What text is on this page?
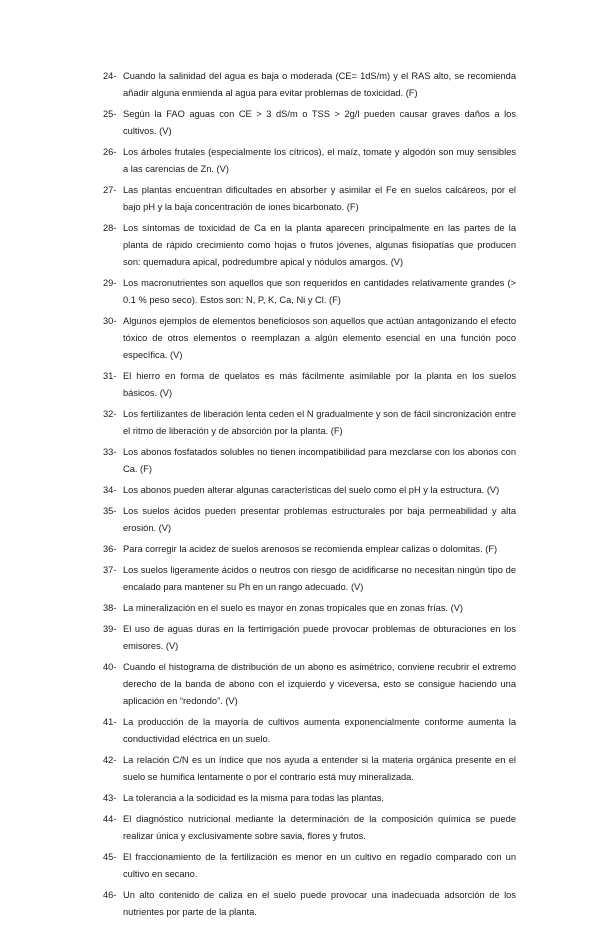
24- Cuando la salinidad del agua es baja o moderada (CE= 1dS/m) y el RAS alto, se recomienda añadir alguna enmienda al agua para evitar problemas de toxicidad. (F)
25- Según la FAO aguas con CE > 3 dS/m o TSS > 2g/l pueden causar graves daños a los cultivos. (V)
26- Los árboles frutales (especialmente los cítricos), el maíz, tomate y algodón son muy sensibles a las carencias de Zn. (V)
27- Las plantas encuentran dificultades en absorber y asimilar el Fe en suelos calcáreos, por el bajo pH y la baja concentración de iones bicarbonato. (F)
28- Los síntomas de toxicidad de Ca en la planta aparecen principalmente en las partes de la planta de rápido crecimiento como hojas o frutos jóvenes, algunas fisiopatías que producen son: quemadura apical, podredumbre apical y nódulos amargos. (V)
29- Los macronutrientes son aquellos que son requeridos en cantidades relativamente grandes (> 0.1 % peso seco). Estos son: N, P, K, Ca, Ni y Cl. (F)
30- Algunos ejemplos de elementos beneficiosos son aquellos que actúan antagonizando el efecto tóxico de otros elementos o reemplazan a algún elemento esencial en una función poco específica. (V)
31- El hierro en forma de quelatos es más fácilmente asimilable por la planta en los suelos básicos. (V)
32- Los fertilizantes de liberación lenta ceden el N gradualmente y son de fácil sincronización entre el ritmo de liberación y de absorción por la planta. (F)
33- Los abonos fosfatados solubles no tienen incompatibilidad para mezclarse con los abonos con Ca. (F)
34- Los abonos pueden alterar algunas características del suelo como el pH y la estructura. (V)
35- Los suelos ácidos pueden presentar problemas estructurales por baja permeabilidad y alta erosión. (V)
36- Para corregir la acidez de suelos arenosos se recomienda emplear calizas o dolomitas. (F)
37- Los suelos ligeramente ácidos o neutros con riesgo de acidificarse no necesitan ningún tipo de encalado para mantener su Ph en un rango adecuado. (V)
38- La mineralización en el suelo es mayor en zonas tropicales que en zonas frías. (V)
39- El uso de aguas duras en la fertirrigación puede provocar problemas de obturaciones en los emisores. (V)
40- Cuando el histograma de distribución de un abono es asimétrico, conviene recubrir el extremo derecho de la banda de abono con el izquierdo y viceversa, esto se consigue haciendo una aplicación en “redondo”. (V)
41- La producción de la mayoría de cultivos aumenta exponencialmente conforme aumenta la conductividad eléctrica en un suelo.
42- La relación C/N es un índice que nos ayuda a entender si la materia orgánica presente en el suelo se humifica lentamente o por el contrario está muy mineralizada.
43- La tolerancia a la sodicidad es la misma para todas las plantas.
44- El diagnóstico nutricional mediante la determinación de la composición química se puede realizar única y exclusivamente sobre savia, flores y frutos.
45- El fraccionamiento de la fertilización es menor en un cultivo en regadío comparado con un cultivo en secano.
46- Un alto contenido de caliza en el suelo puede provocar una inadecuada adsorción de los nutrientes por parte de la planta.
